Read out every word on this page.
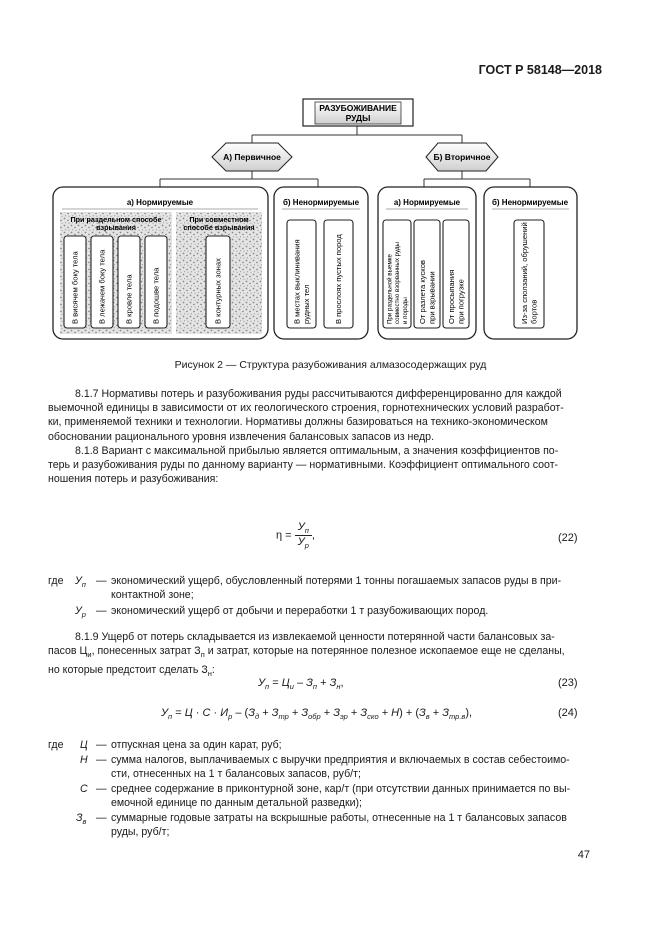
ГОСТ Р 58148—2018
РАЗУБОЖИВАНИЕ
РУДЫ
А) Первичное	Б) Вторичное
а) Нормируемые	б) Ненормируемые	а) Нормируемые	б) Ненормируемые
При раздельном способе
взрывания
При совместном
способе взрывания
В висячем боку тела В лежачем боку тела В кровле тела В подошве тела	В контурных зонах	В местах выклинивания рудных тел	В прослоях пустых пород	При раздельной выемке совместно взорванных руды и породы От разлета кусков при взрывании От просыпания при погрузке	Из-за сползаний, обрушений бортов
Рисунок 2 — Структура разубоживания алмазосодержащих руд
8.1.7 Нормативы потерь и разубоживания руды рассчитываются дифференцированно для каждой
выемочной единицы в зависимости от их геологического строения, горнотехнических условий разработ-
ки, применяемой техники и технологии. Нормативы должны базироваться на технико-экономическом
обосновании рационального уровня извлечения балансовых запасов из недр.
8.1.8 Вариант с максимальной прибылью является оптимальным, а значения коэффициентов по-
терь и разубоживания руды по данному варианту — нормативными. Коэффициент оптимального соот-
ношения потерь и разубоживания:
$\eta = \frac{У_п}{У_р}$ ,	(22)
где $У_п$ — экономический ущерб, обусловленный потерями 1 тонны погашаемых запасов руды в при-
контактной зоне;
$У_р$ — экономический ущерб от добычи и переработки 1 т разубоживающих пород.
8.1.9 Ущерб от потерь складывается из извлекаемой ценности потерянной части балансовых за-
пасов $Ц_и$, понесенных затрат $З_п$ и затрат, которые на потерянное полезное ископаемое еще не сделаны,
но которые предстоит сделать $З_н$:
$У_п = Ц_и - З_п + З_н$,	(23)
$У_п = Ц \cdot С \cdot И_р - (З_д + З_{тр} + З_{обр} + З_{эр} + З_{ско} + Н) + (З_в + З_{тр.в})$,	(24)
где Ц — отпускная цена за один карат, руб;
Н — сумма налогов, выплачиваемых с выручки предприятия и включаемых в состав себестоимо-
сти, отнесенных на 1 т балансовых запасов, руб/т;
С — среднее содержание в приконтурной зоне, кар/т (при отсутствии данных принимается по вы-
емочной единице по данным детальной разведки);
$З_в$ — суммарные годовые затраты на вскрышные работы, отнесенные на 1 т балансовых запасов
руды, руб/т;
47
